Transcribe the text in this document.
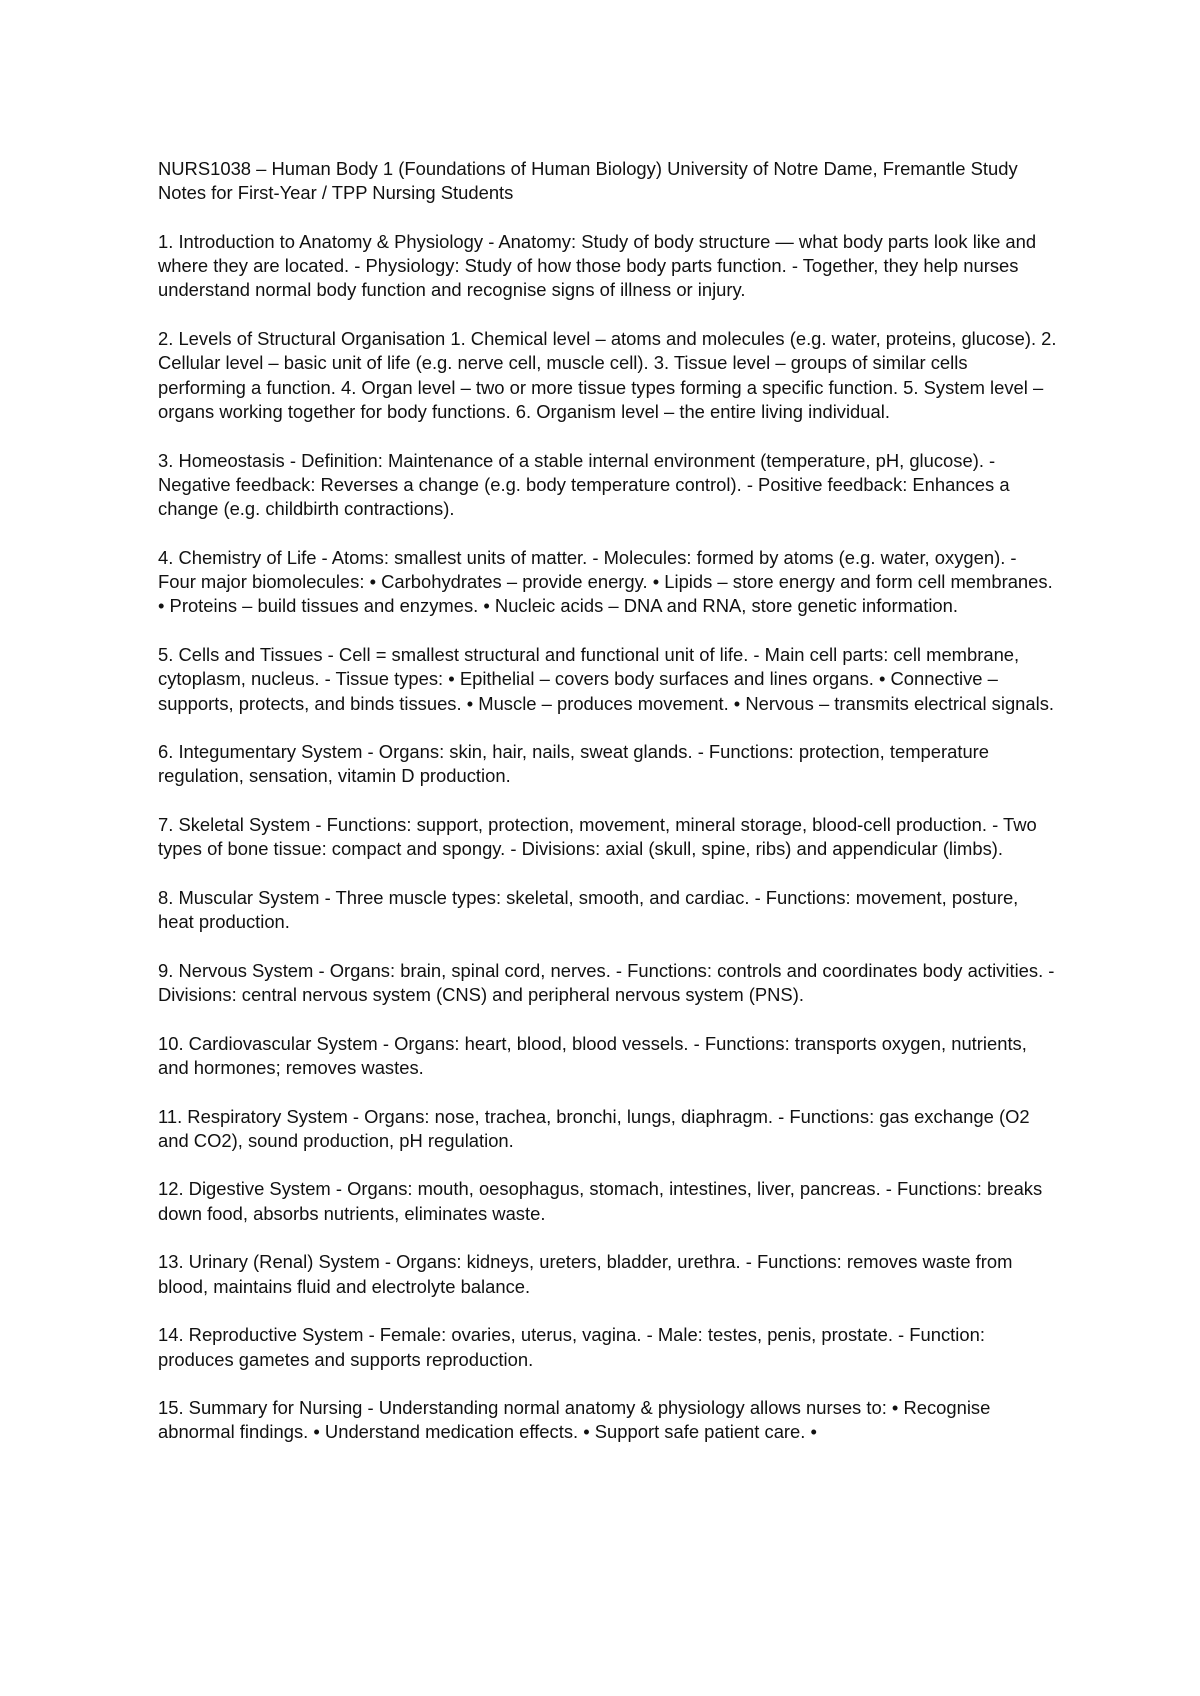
NURS1038 – Human Body 1 (Foundations of Human Biology) University of Notre Dame, Fremantle Study Notes for First-Year / TPP Nursing Students

1. Introduction to Anatomy & Physiology - Anatomy: Study of body structure — what body parts look like and where they are located. - Physiology: Study of how those body parts function. - Together, they help nurses understand normal body function and recognise signs of illness or injury.

2. Levels of Structural Organisation 1. Chemical level – atoms and molecules (e.g. water, proteins, glucose). 2. Cellular level – basic unit of life (e.g. nerve cell, muscle cell). 3. Tissue level – groups of similar cells performing a function. 4. Organ level – two or more tissue types forming a specific function. 5. System level – organs working together for body functions. 6. Organism level – the entire living individual.

3. Homeostasis - Definition: Maintenance of a stable internal environment (temperature, pH, glucose). - Negative feedback: Reverses a change (e.g. body temperature control). - Positive feedback: Enhances a change (e.g. childbirth contractions).

4. Chemistry of Life - Atoms: smallest units of matter. - Molecules: formed by atoms (e.g. water, oxygen). - Four major biomolecules: • Carbohydrates – provide energy. • Lipids – store energy and form cell membranes. • Proteins – build tissues and enzymes. • Nucleic acids – DNA and RNA, store genetic information.

5. Cells and Tissues - Cell = smallest structural and functional unit of life. - Main cell parts: cell membrane, cytoplasm, nucleus. - Tissue types: • Epithelial – covers body surfaces and lines organs. • Connective – supports, protects, and binds tissues. • Muscle – produces movement. • Nervous – transmits electrical signals.

6. Integumentary System - Organs: skin, hair, nails, sweat glands. - Functions: protection, temperature regulation, sensation, vitamin D production.

7. Skeletal System - Functions: support, protection, movement, mineral storage, blood-cell production. - Two types of bone tissue: compact and spongy. - Divisions: axial (skull, spine, ribs) and appendicular (limbs).

8. Muscular System - Three muscle types: skeletal, smooth, and cardiac. - Functions: movement, posture, heat production.

9. Nervous System - Organs: brain, spinal cord, nerves. - Functions: controls and coordinates body activities. - Divisions: central nervous system (CNS) and peripheral nervous system (PNS).

10. Cardiovascular System - Organs: heart, blood, blood vessels. - Functions: transports oxygen, nutrients, and hormones; removes wastes.

11. Respiratory System - Organs: nose, trachea, bronchi, lungs, diaphragm. - Functions: gas exchange (O2 and CO2), sound production, pH regulation.

12. Digestive System - Organs: mouth, oesophagus, stomach, intestines, liver, pancreas. - Functions: breaks down food, absorbs nutrients, eliminates waste.

13. Urinary (Renal) System - Organs: kidneys, ureters, bladder, urethra. - Functions: removes waste from blood, maintains fluid and electrolyte balance.

14. Reproductive System - Female: ovaries, uterus, vagina. - Male: testes, penis, prostate. - Function: produces gametes and supports reproduction.

15. Summary for Nursing - Understanding normal anatomy & physiology allows nurses to: • Recognise abnormal findings. • Understand medication effects. • Support safe patient care. •
